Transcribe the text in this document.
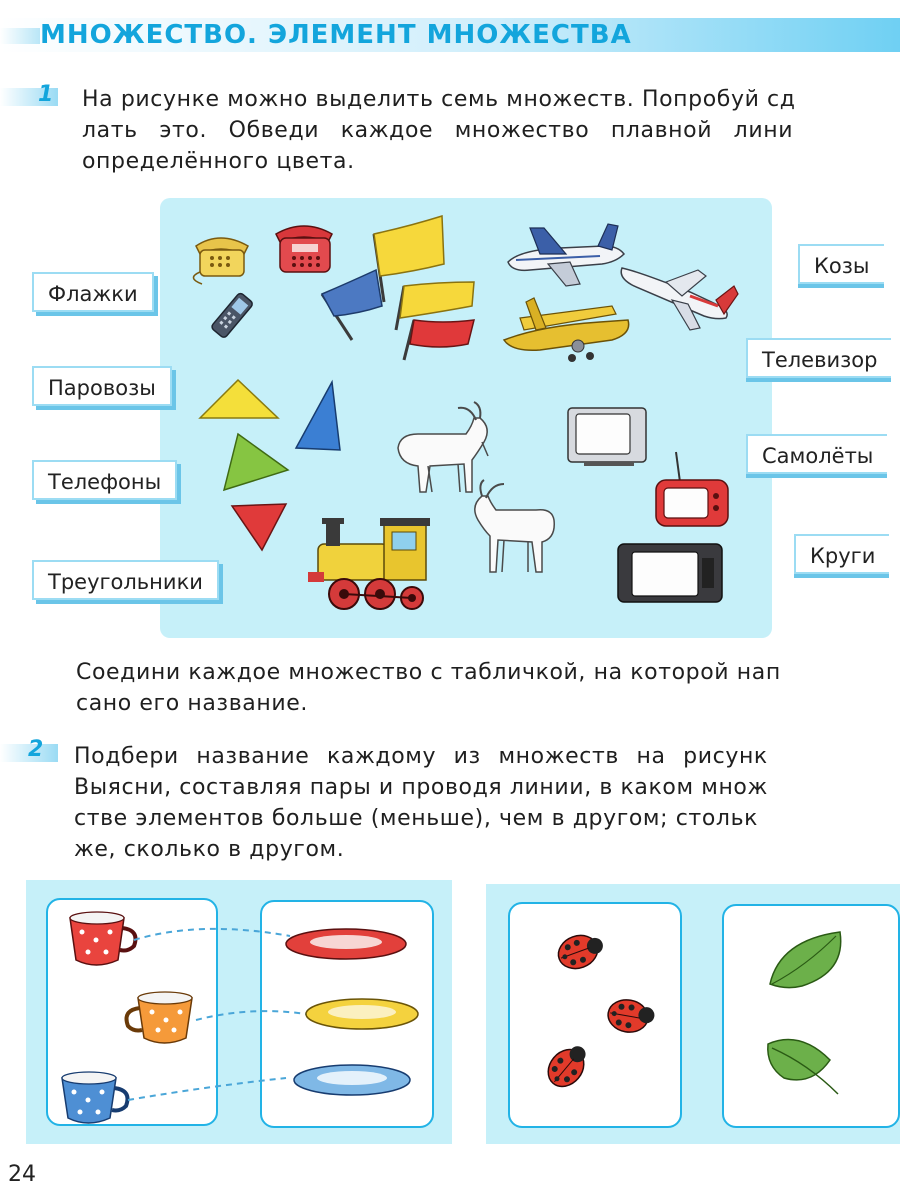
МНОЖЕСТВО. ЭЛЕМЕНТ МНОЖЕСТВА
1 На рисунке можно выделить семь множеств. Попробуй сд
лать это. Обведи каждое множество плавной лини
определённого цвета.
Флажки
Паровозы
Телефоны
Треугольники
Козы
Телевизор
Самолёты
Круги
Соедини каждое множество с табличкой, на которой нап
сано его название.
2 Подбери название каждому из множеств на рисунк
Выясни, составляя пары и проводя линии, в каком множ
стве элементов больше (меньше), чем в другом; стольк
же, сколько в другом.
24
